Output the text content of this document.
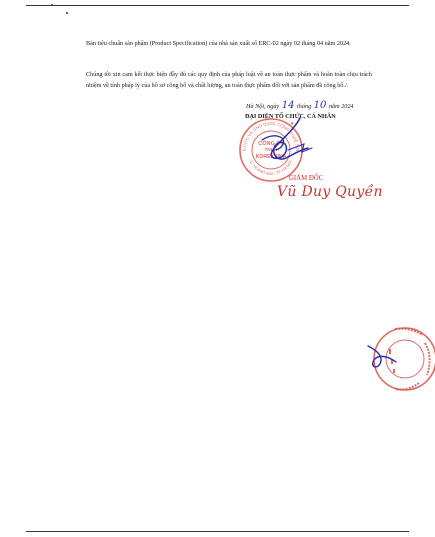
Bản tiêu chuẩn sản phẩm (Product Specification) của nhà sản xuất số ERC-02 ngày 02 tháng 04 năm 2024.
Chúng tôi xin cam kết thực hiện đầy đủ các quy định của pháp luật về an toàn thực phẩm và hoàn toàn chịu trách nhiệm về tính pháp lý của hồ sơ công bố và chất lượng, an toàn thực phẩm đối với sản phẩm đã công bố./.
Hà Nội, ngày 14 tháng 10 năm 2024
ĐẠI DIỆN TỔ CHỨC, CÁ NHÂN
N CỨU VÀ ỨNG DỤNG CÔNG NGHỆ SIN
Q. HOÀNG MAI - TP. HÀ NỘI
CÔNG TY
TNHH
KOREXVINA
★
GIÁM ĐỐC
Vũ Duy Quyền
